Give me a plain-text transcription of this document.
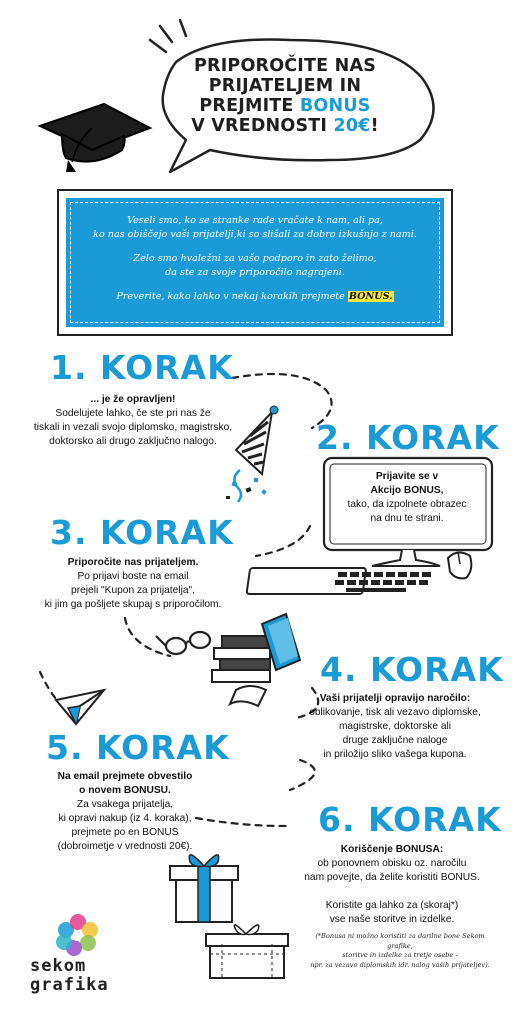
PRIPOROČITE NAS
PRIJATELJEM IN
PREJMITE BONUS
V VREDNOSTI 20€!

Veseli smo, ko se stranke rade vračate k nam, ali pa,
ko nas obiščejo vaši prijatelji,ki so slišali za dobro izkušnjo z nami.

Zelo smo hvaležni za vašo podporo in zato želimo,
da ste za svoje priporočilo nagrajeni.

Preverite, kako lahko v nekaj korakih prejmete BONUS.

1. KORAK
... je že opravljen!
Sodelujete lahko, če ste pri nas že
tiskali in vezali svojo diplomsko, magistrsko,
doktorsko ali drugo zaključno nalogo.	2. KORAK
Prijavite se v
Akcijo BONUS,
tako, da izpolnete obrazec
na dnu te strani.
3. KORAK
Priporočite nas prijateljem.
Po prijavi boste na email
prejeli "Kupon za prijatelja",
ki jim ga pošljete skupaj s priporočilom.
4. KORAK
Vaši prijatelji opravijo naročilo:
oblikovanje, tisk ali vezavo diplomske,
magistrske, doktorske ali
druge zaključne naloge
in priložijo sliko vašega kupona.
5. KORAK
Na email prejmete obvestilo
o novem BONUSU.
Za vsakega prijatelja,
ki opravi nakup (iz 4. koraka),
prejmete po en BONUS
(dobroimetje v vrednosti 20€).
6. KORAK
Koriščenje BONUSA:
ob ponovnem obisku oz. naročilu
nam povejte, da želite koristiti BONUS.
Koristite ga lahko za (skoraj*)
vse naše storitve in izdelke.
(*Bonusa ni možno koristiti za darilne bone Sekom grafike,
storitve in izdelke za tretje osebe -
npr. za vezavo diplomskih idr. nalog vaših prijateljev).
sekom
grafika
